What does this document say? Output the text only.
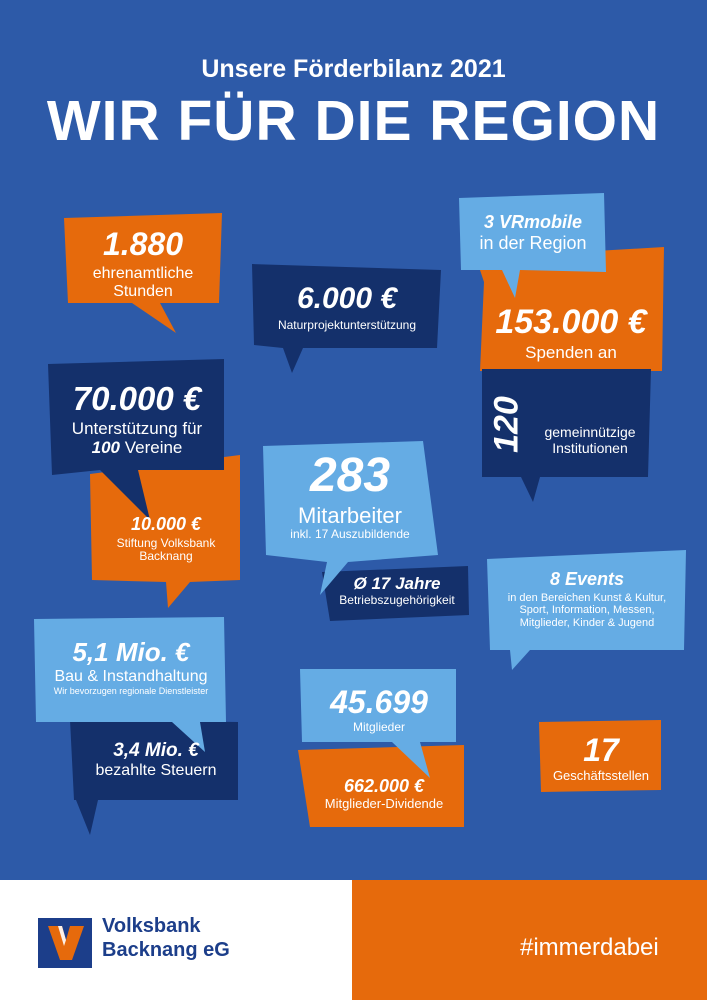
Unsere Förderbilanz 2021
WIR FÜR DIE REGION
1.880
ehrenamtliche
Stunden	6.000 €
Naturprojektunterstützung
3 VRmobile
in der Region
153.000 €
Spenden an
120	gemeinnützige
Institutionen
70.000 €
Unterstützung für
100 Vereine
10.000 €
Stiftung Volksbank
Backnang
283
Mitarbeiter
inkl. 17 Auszubildende
Ø 17 Jahre
Betriebszugehörigkeit
8 Events
in den Bereichen Kunst & Kultur,
Sport, Information, Messen,
Mitglieder, Kinder & Jugend
5,1 Mio. €
Bau & Instandhaltung
Wir bevorzugen regionale Dienstleister
3,4 Mio. €
bezahlte Steuern
45.699
Mitglieder
662.000 €
Mitglieder-Dividende
17
Geschäftsstellen
Volksbank
Backnang eG	#immerdabei
